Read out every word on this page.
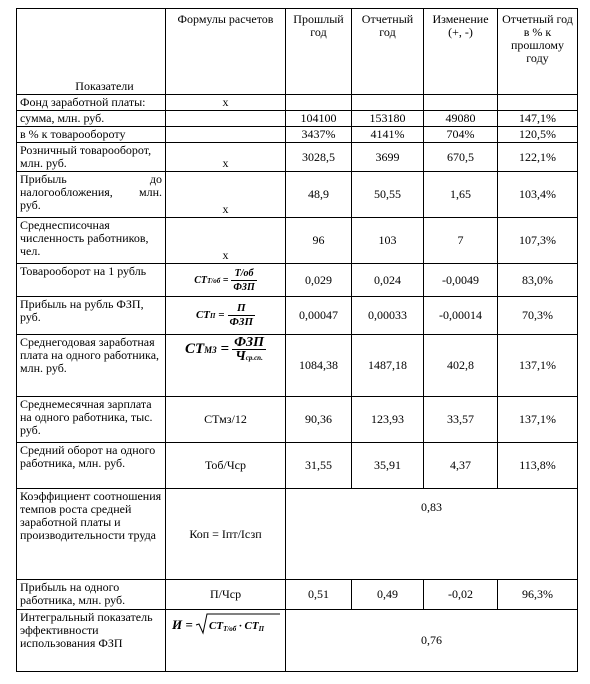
Показатели	Формулы расчетов	Прошлый год	Отчетный год	Изменение (+, -)	Отчетный год в % к прошлому году
Фонд заработной платы:	x				
сумма, млн. руб.		104100	153180	49080	147,1%
в % к товарообороту		3437%	4141%	704%	120,5%
Розничный товарооборот, млн. руб.	x	3028,5	3699	670,5	122,1%

Прибыль до
налогообложения, млн.
руб.	x	48,9	50,55	1,65	103,4%
Среднесписочная численность работников, чел.	x	96	103	7	107,3%
Товарооборот на 1 рубль	$СТТ/об = \frac{Т/об}{\text{ФЗП}}$	0,029	0,024	-0,0049	83,0%
Прибыль на рубль ФЗП, руб.	СТП = $\frac{П}{\text{ФЗП}}$	0,00047	0,00033	-0,00014	70,3%
Среднегодовая заработная плата на одного работника, млн. руб.	СТМЗ = $\frac{\text{ФЗП}}{\text{Чср.сп.}}$	1084,38	1487,18	402,8	137,1%
Среднемесячная зарплата на одного работника, тыс. руб.	СТмз/12	90,36	123,93	33,57	137,1%
Средний оборот на одного работника, млн. руб.	Тоб/Чср	31,55	35,91	4,37	113,8%
Коэффициент соотношения темпов роста средней заработной платы и производительности труда	Коп = Iпт/Iсзп	0,83			
Прибыль на одного работника, млн. руб.	П/Чср	0,51	0,49	-0,02	96,3%
Интегральный показатель эффективности использования ФЗП	И = СТТ/об · СТП	0,76			
